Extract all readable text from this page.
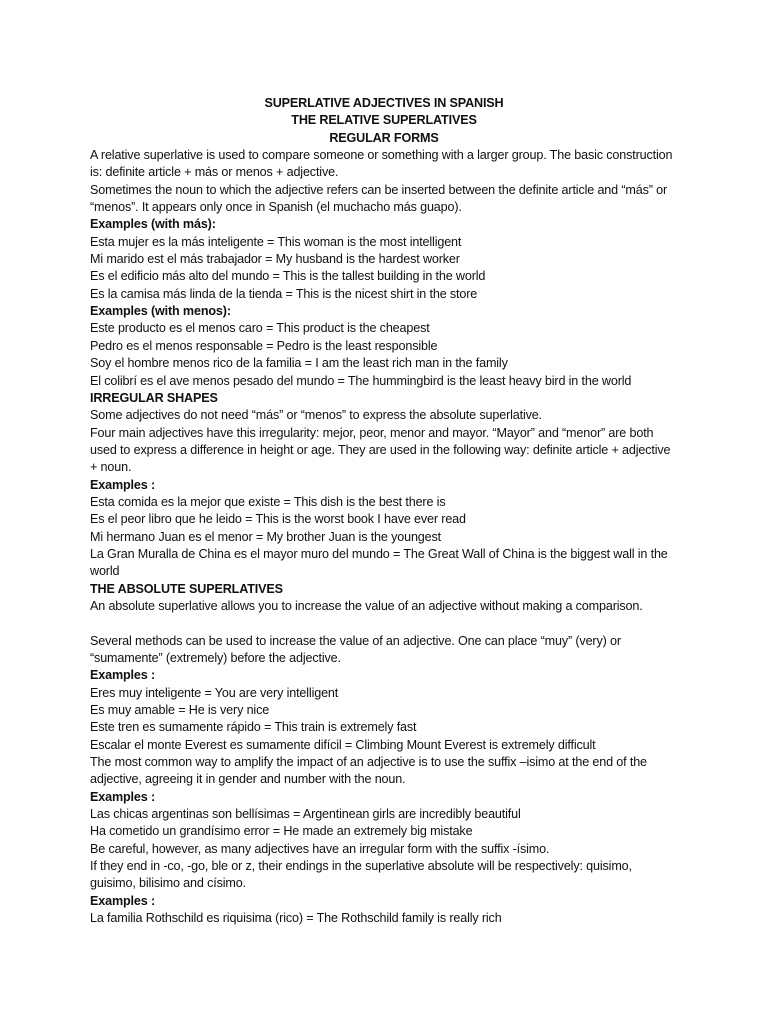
SUPERLATIVE ADJECTIVES IN SPANISH

THE RELATIVE SUPERLATIVES

REGULAR FORMS

A relative superlative is used to compare someone or something with a larger group. The basic construction is: definite article + más or menos + adjective.

Sometimes the noun to which the adjective refers can be inserted between the definite article and “más” or “menos”. It appears only once in Spanish (el muchacho más guapo).

Examples (with más):

Esta mujer es la más inteligente = This woman is the most intelligent

Mi marido est el más trabajador = My husband is the hardest worker

Es el edificio más alto del mundo = This is the tallest building in the world

Es la camisa más linda de la tienda = This is the nicest shirt in the store

Examples (with menos):

Este producto es el menos caro = This product is the cheapest

Pedro es el menos responsable = Pedro is the least responsible

Soy el hombre menos rico de la familia = I am the least rich man in the family

El colibrí es el ave menos pesado del mundo = The hummingbird is the least heavy bird in the world

IRREGULAR SHAPES

Some adjectives do not need “más” or “menos” to express the absolute superlative.

Four main adjectives have this irregularity: mejor, peor, menor and mayor. “Mayor” and “menor” are both used to express a difference in height or age. They are used in the following way: definite article + adjective + noun.

Examples :

Esta comida es la mejor que existe = This dish is the best there is

Es el peor libro que he leido = This is the worst book I have ever read

Mi hermano Juan es el menor = My brother Juan is the youngest

La Gran Muralla de China es el mayor muro del mundo = The Great Wall of China is the biggest wall in the world

THE ABSOLUTE SUPERLATIVES

An absolute superlative allows you to increase the value of an adjective without making a comparison.

Several methods can be used to increase the value of an adjective. One can place “muy” (very) or “sumamente” (extremely) before the adjective.

Examples :

Eres muy inteligente = You are very intelligent

Es muy amable = He is very nice

Este tren es sumamente rápido = This train is extremely fast

Escalar el monte Everest es sumamente difícil = Climbing Mount Everest is extremely difficult

The most common way to amplify the impact of an adjective is to use the suffix –isimo at the end of the adjective, agreeing it in gender and number with the noun.

Examples :

Las chicas argentinas son bellísimas = Argentinean girls are incredibly beautiful

Ha cometido un grandísimo error = He made an extremely big mistake

Be careful, however, as many adjectives have an irregular form with the suffix -ísimo.

If they end in -co, -go, ble or z, their endings in the superlative absolute will be respectively: quisimo, guisimo, bilisimo and císimo.

Examples :

La familia Rothschild es riquisima (rico) = The Rothschild family is really rich
